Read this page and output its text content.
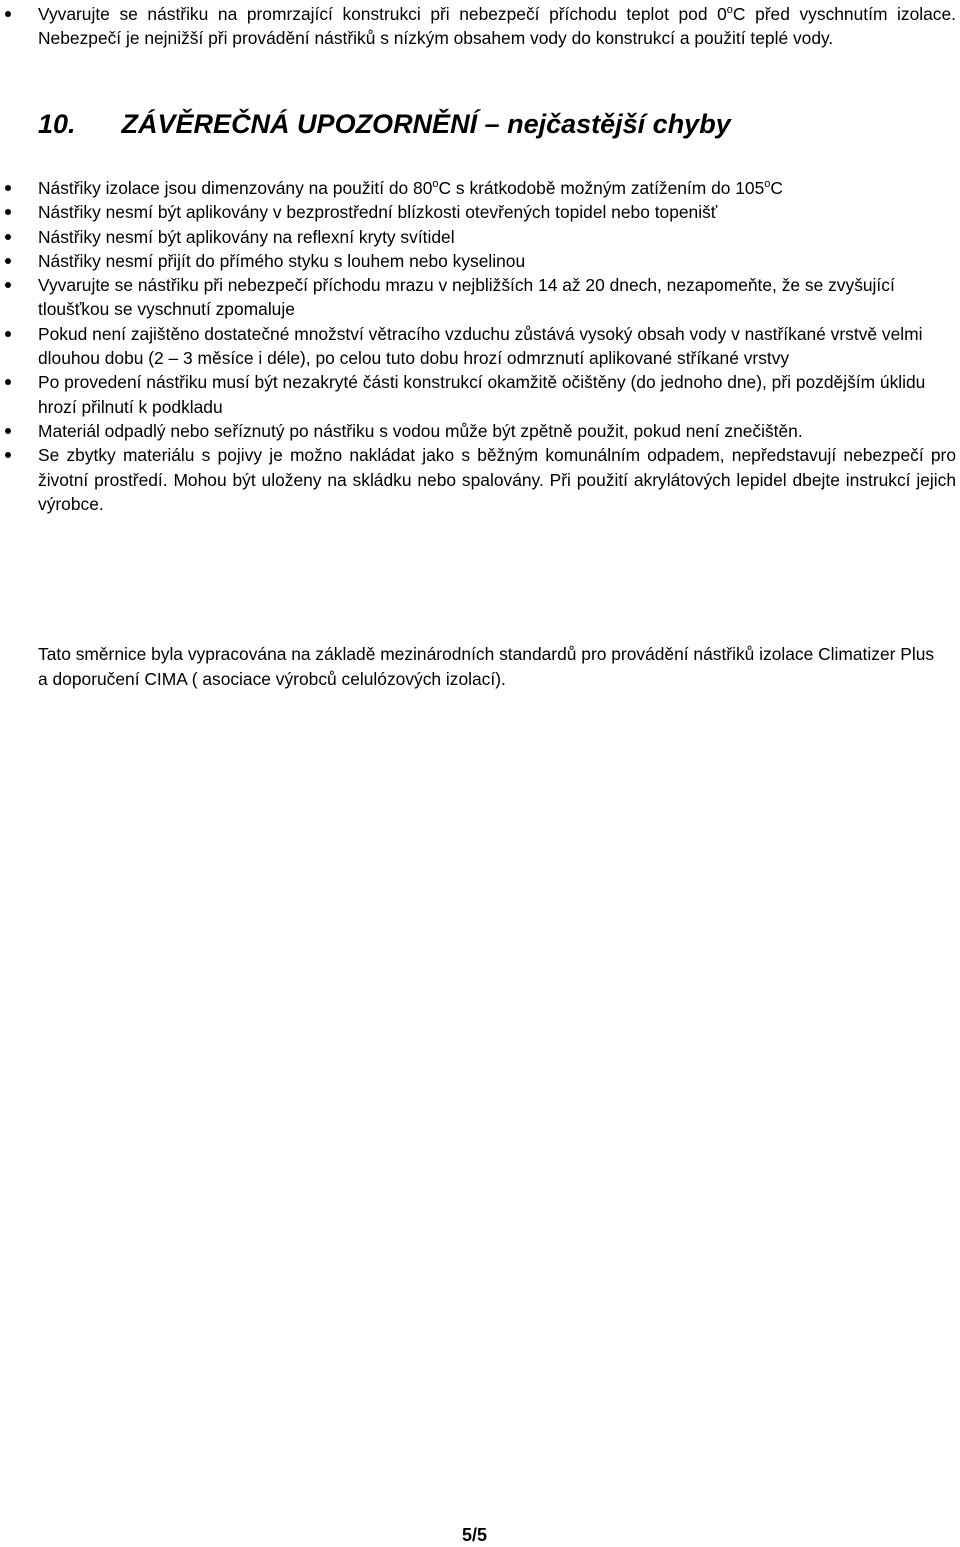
Vyvarujte se nástřiku na promrzající konstrukci při nebezpečí příchodu teplot pod 0$^o$C před vyschnutím izolace. Nebezpečí je nejnižší při provádění nástřiků s nízkým obsahem vody do konstrukcí a použití teplé vody.
10. ZÁVĚREČNÁ UPOZORNĚNÍ – nejčastější chyby
Nástřiky izolace jsou dimenzovány na použití do 80$^o$C s krátkodobě možným zatížením do 105$^o$C
Nástřiky nesmí být aplikovány v bezprostřední blízkosti otevřených topidel nebo topenišť
Nástřiky nesmí být aplikovány na reflexní kryty svítidel
Nástřiky nesmí přijít do přímého styku s louhem nebo kyselinou
Vyvarujte se nástřiku při nebezpečí příchodu mrazu v nejbližších 14 až 20 dnech, nezapomeňte, že se zvyšující tloušťkou se vyschnutí zpomaluje
Pokud není zajištěno dostatečné množství větracího vzduchu zůstává vysoký obsah vody v nastříkané vrstvě velmi dlouhou dobu (2 – 3 měsíce i déle), po celou tuto dobu hrozí odmrznutí aplikované stříkané vrstvy
Po provedení nástřiku musí být nezakryté části konstrukcí okamžitě očištěny (do jednoho dne), při pozdějším úklidu hrozí přilnutí k podkladu
Materiál odpadlý nebo seříznutý po nástřiku s vodou může být zpětně použit, pokud není znečištěn.
Se zbytky materiálu s pojivy je možno nakládat jako s běžným komunálním odpadem, nepředstavují nebezpečí pro životní prostředí. Mohou být uloženy na skládku nebo spalovány. Při použití akrylátových lepidel dbejte instrukcí jejich výrobce.

Tato směrnice byla vypracována na základě mezinárodních standardů pro provádění nástřiků izolace Climatizer Plus a doporučení CIMA ( asociace výrobců celulózových izolací).

5/5
